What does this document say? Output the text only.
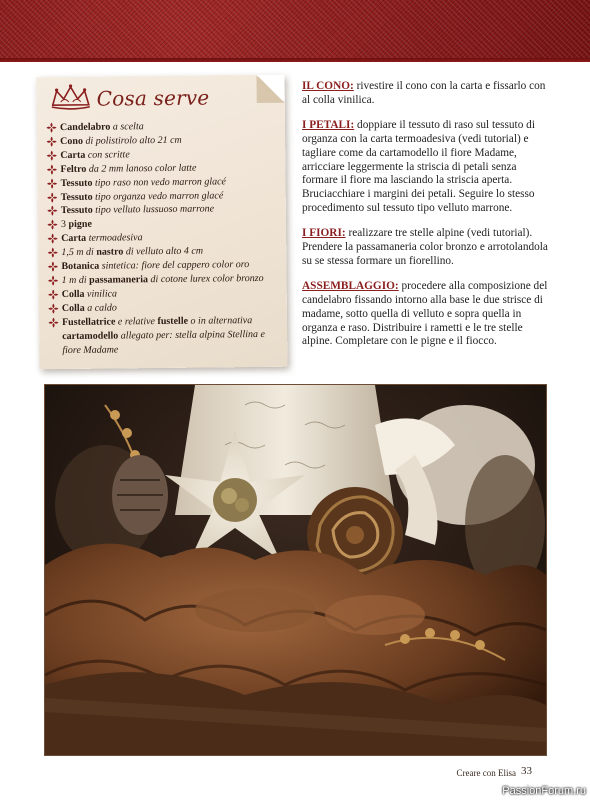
Cosa serve
Candelabro a scelta
Cono di polistirolo alto 21 cm
Carta con scritte
Feltro da 2 mm lanoso color latte
Tessuto tipo raso non vedo marron glacé
Tessuto tipo organza vedo marron glacé
Tessuto tipo velluto lussuoso marrone
3 pigne
Carta termoadesiva
1,5 m di nastro di velluto alto 4 cm
Botanica sintetica: fiore del cappero color oro
1 m di passamaneria di cotone lurex color bronzo
Colla vinilica
Colla a caldo
Fustellatrice e relative fustelle o in alternativa cartamodello allegato per: stella alpina Stellina e fiore Madame

IL CONO: rivestire il cono con la carta e fissarlo con al colla vinilica.

I PETALI: doppiare il tessuto di raso sul tessuto di organza con la carta termoadesiva (vedi tutorial) e tagliare come da cartamodello il fiore Madame, arricciare leggermente la striscia di petali senza formare il fiore ma lasciando la striscia aperta. Bruciacchiare i margini dei petali. Seguire lo stesso procedimento sul tessuto tipo velluto marrone.

I FIORI: realizzare tre stelle alpine (vedi tutorial). Prendere la passamaneria color bronzo e arrotolandola su se stessa formare un fiorellino.

ASSEMBLAGGIO: procedere alla composizione del candelabro fissando intorno alla base le due strisce di madame, sotto quella di velluto e sopra quella in organza e raso. Distribuire i rametti e le tre stelle alpine. Completare con le pigne e il fiocco.

Creare con Elisa 33
PassionForum.ru
